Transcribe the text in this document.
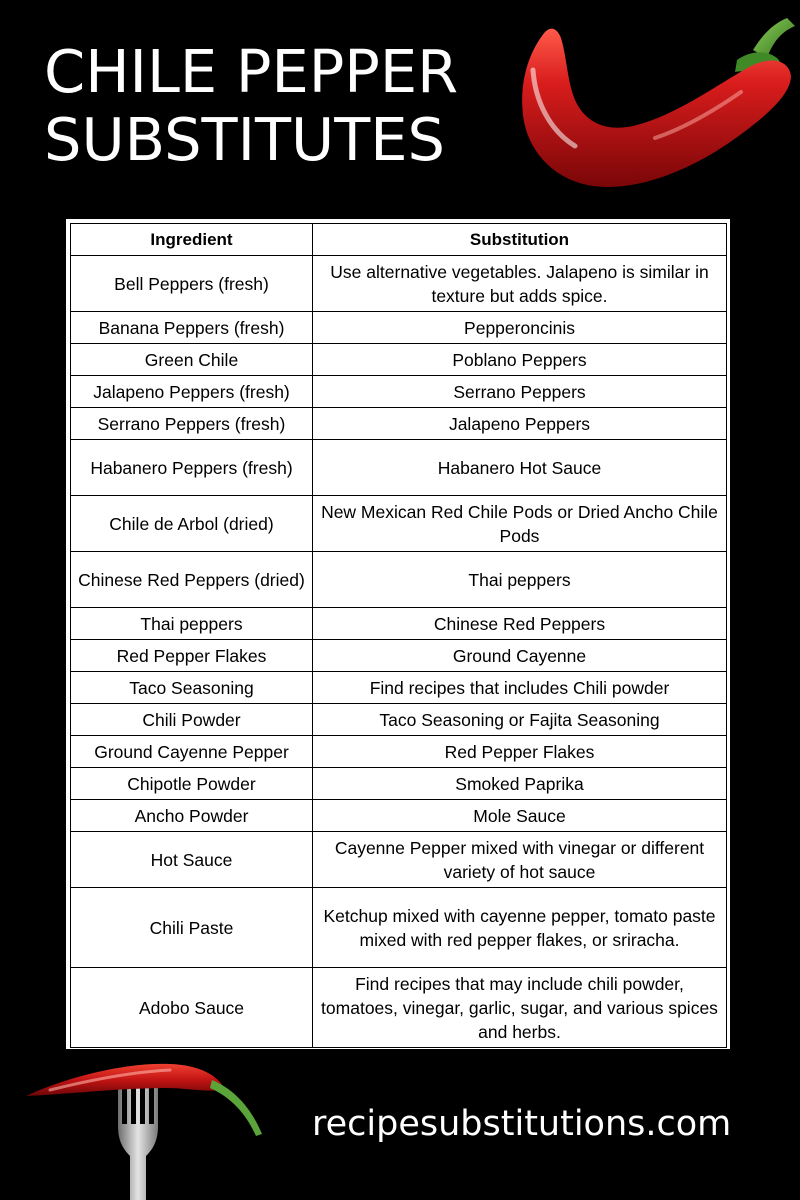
CHILE PEPPER
SUBSTITUTES
Ingredient	Substitution
Bell Peppers (fresh)	Use alternative vegetables. Jalapeno is similar in texture but adds spice.
Banana Peppers (fresh)	Pepperoncinis
Green Chile	Poblano Peppers
Jalapeno Peppers (fresh)	Serrano Peppers
Serrano Peppers (fresh)	Jalapeno Peppers
Habanero Peppers (fresh)	Habanero Hot Sauce
Chile de Arbol (dried)	New Mexican Red Chile Pods or Dried Ancho Chile Pods
Chinese Red Peppers (dried)	Thai peppers
Thai peppers	Chinese Red Peppers
Red Pepper Flakes	Ground Cayenne
Taco Seasoning	Find recipes that includes Chili powder
Chili Powder	Taco Seasoning or Fajita Seasoning
Ground Cayenne Pepper	Red Pepper Flakes
Chipotle Powder	Smoked Paprika
Ancho Powder	Mole Sauce
Hot Sauce	Cayenne Pepper mixed with vinegar or different variety of hot sauce
Chili Paste	Ketchup mixed with cayenne pepper, tomato paste mixed with red pepper flakes, or sriracha.
Adobo Sauce	Find recipes that may include chili powder, tomatoes, vinegar, garlic, sugar, and various spices and herbs.
recipesubstitutions.com
